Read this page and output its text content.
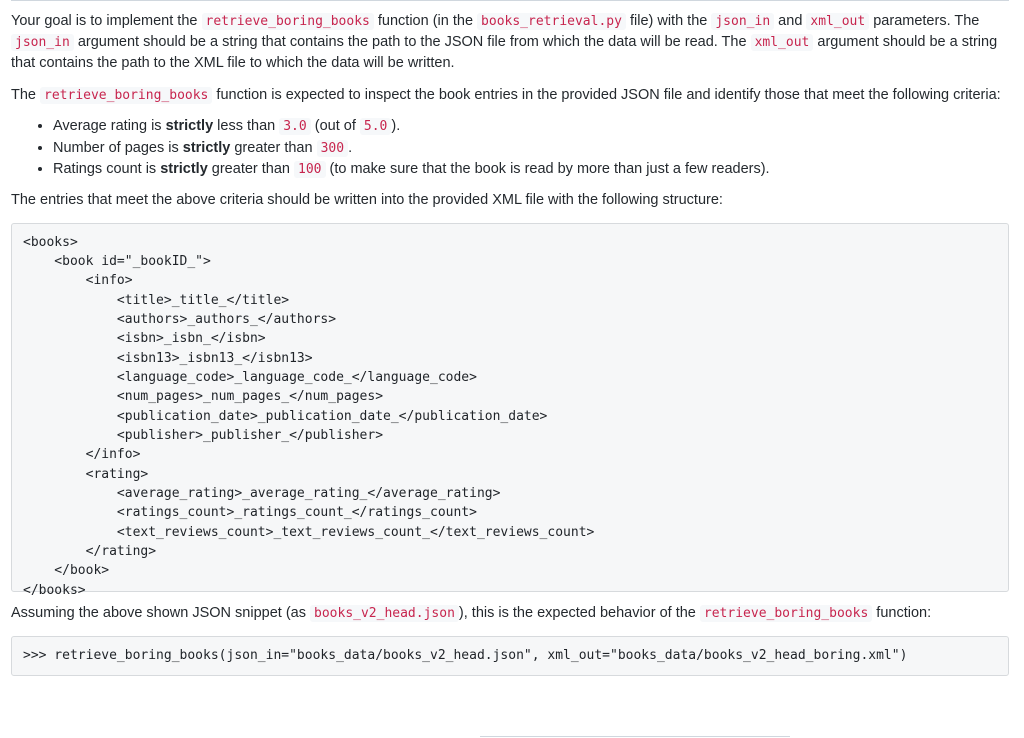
Your goal is to implement the retrieve_boring_books function (in the books_retrieval.py file) with the json_in and xml_out parameters. The json_in argument should be a string that contains the path to the JSON file from which the data will be read. The xml_out argument should be a string that contains the path to the XML file to which the data will be written.

The retrieve_boring_books function is expected to inspect the book entries in the provided JSON file and identify those that meet the following criteria:

• Average rating is strictly less than 3.0 (out of 5.0 ).
• Number of pages is strictly greater than 300 .
• Ratings count is strictly greater than 100 (to make sure that the book is read by more than just a few readers).

The entries that meet the above criteria should be written into the provided XML file with the following structure:

<books>
<book id="_bookID_">
<info>
<title>_title_</title>
<authors>_authors_</authors>
<isbn>_isbn_</isbn>
<isbn13>_isbn13_</isbn13>
<language_code>_language_code_</language_code>
<num_pages>_num_pages_</num_pages>
<publication_date>_publication_date_</publication_date>
<publisher>_publisher_</publisher>
</info>
<rating>
<average_rating>_average_rating_</average_rating>
<ratings_count>_ratings_count_</ratings_count>
<text_reviews_count>_text_reviews_count_</text_reviews_count>
</rating>
</book>
</books>

Assuming the above shown JSON snippet (as books_v2_head.json ), this is the expected behavior of the retrieve_boring_books function:

>>> retrieve_boring_books(json_in="books_data/books_v2_head.json", xml_out="books_data/books_v2_head_boring.xml")
